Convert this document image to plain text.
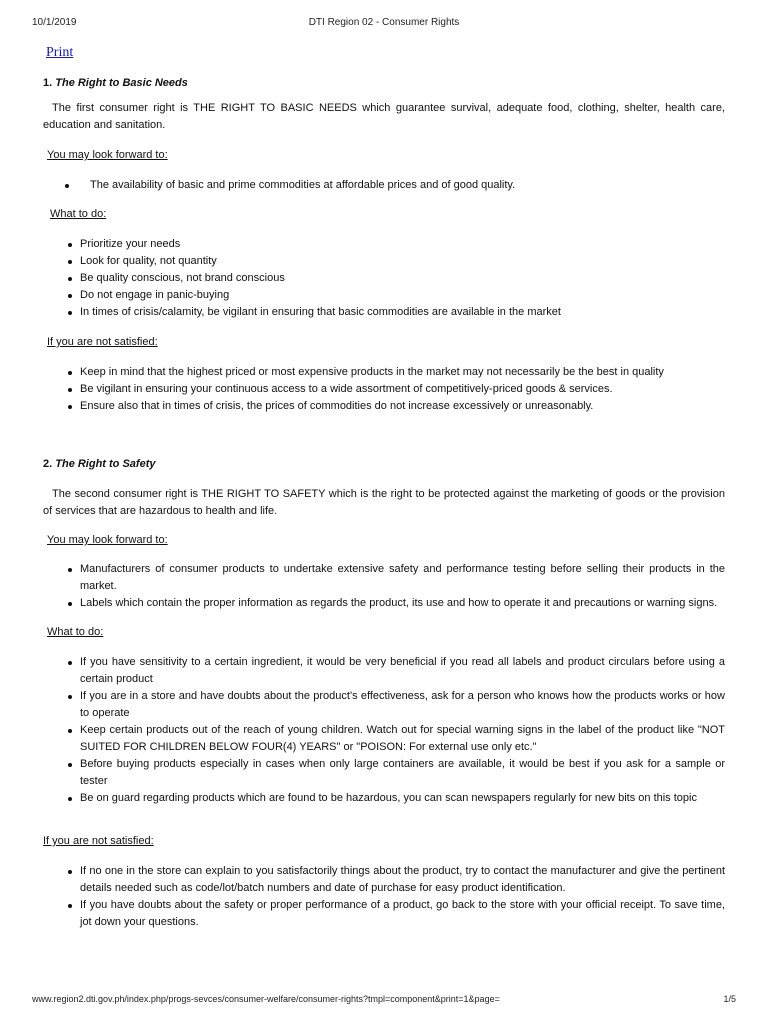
10/1/2019	DTI Region 02 - Consumer Rights
Print
1. The Right to Basic Needs

The first consumer right is THE RIGHT TO BASIC NEEDS which guarantee survival, adequate food, clothing, shelter, health care, education and sanitation.

You may look forward to:

The availability of basic and prime commodities at affordable prices and of good quality.

What to do:

Prioritize your needs
Look for quality, not quantity
Be quality conscious, not brand conscious
Do not engage in panic-buying
In times of crisis/calamity, be vigilant in ensuring that basic commodities are available in the market

If you are not satisfied:

Keep in mind that the highest priced or most expensive products in the market may not necessarily be the best in quality
Be vigilant in ensuring your continuous access to a wide assortment of competitively-priced goods & services.
Ensure also that in times of crisis, the prices of commodities do not increase excessively or unreasonably.
2. The Right to Safety

The second consumer right is THE RIGHT TO SAFETY which is the right to be protected against the marketing of goods or the provision of services that are hazardous to health and life.

You may look forward to:

Manufacturers of consumer products to undertake extensive safety and performance testing before selling their products in the market.
Labels which contain the proper information as regards the product, its use and how to operate it and precautions or warning signs.

What to do:

If you have sensitivity to a certain ingredient, it would be very beneficial if you read all labels and product circulars before using a certain product
If you are in a store and have doubts about the product's effectiveness, ask for a person who knows how the products works or how to operate
Keep certain products out of the reach of young children. Watch out for special warning signs in the label of the product like "NOT SUITED FOR CHILDREN BELOW FOUR(4) YEARS" or "POISON: For external use only etc."
Before buying products especially in cases when only large containers are available, it would be best if you ask for a sample or tester
Be on guard regarding products which are found to be hazardous, you can scan newspapers regularly for new bits on this topic

If you are not satisfied:

If no one in the store can explain to you satisfactorily things about the product, try to contact the manufacturer and give the pertinent details needed such as code/lot/batch numbers and date of purchase for easy product identification.
If you have doubts about the safety or proper performance of a product, go back to the store with your official receipt. To save time, jot down your questions.
www.region2.dti.gov.ph/index.php/progs-sevces/consumer-welfare/consumer-rights?tmpl=component&print=1&page=	1/5
